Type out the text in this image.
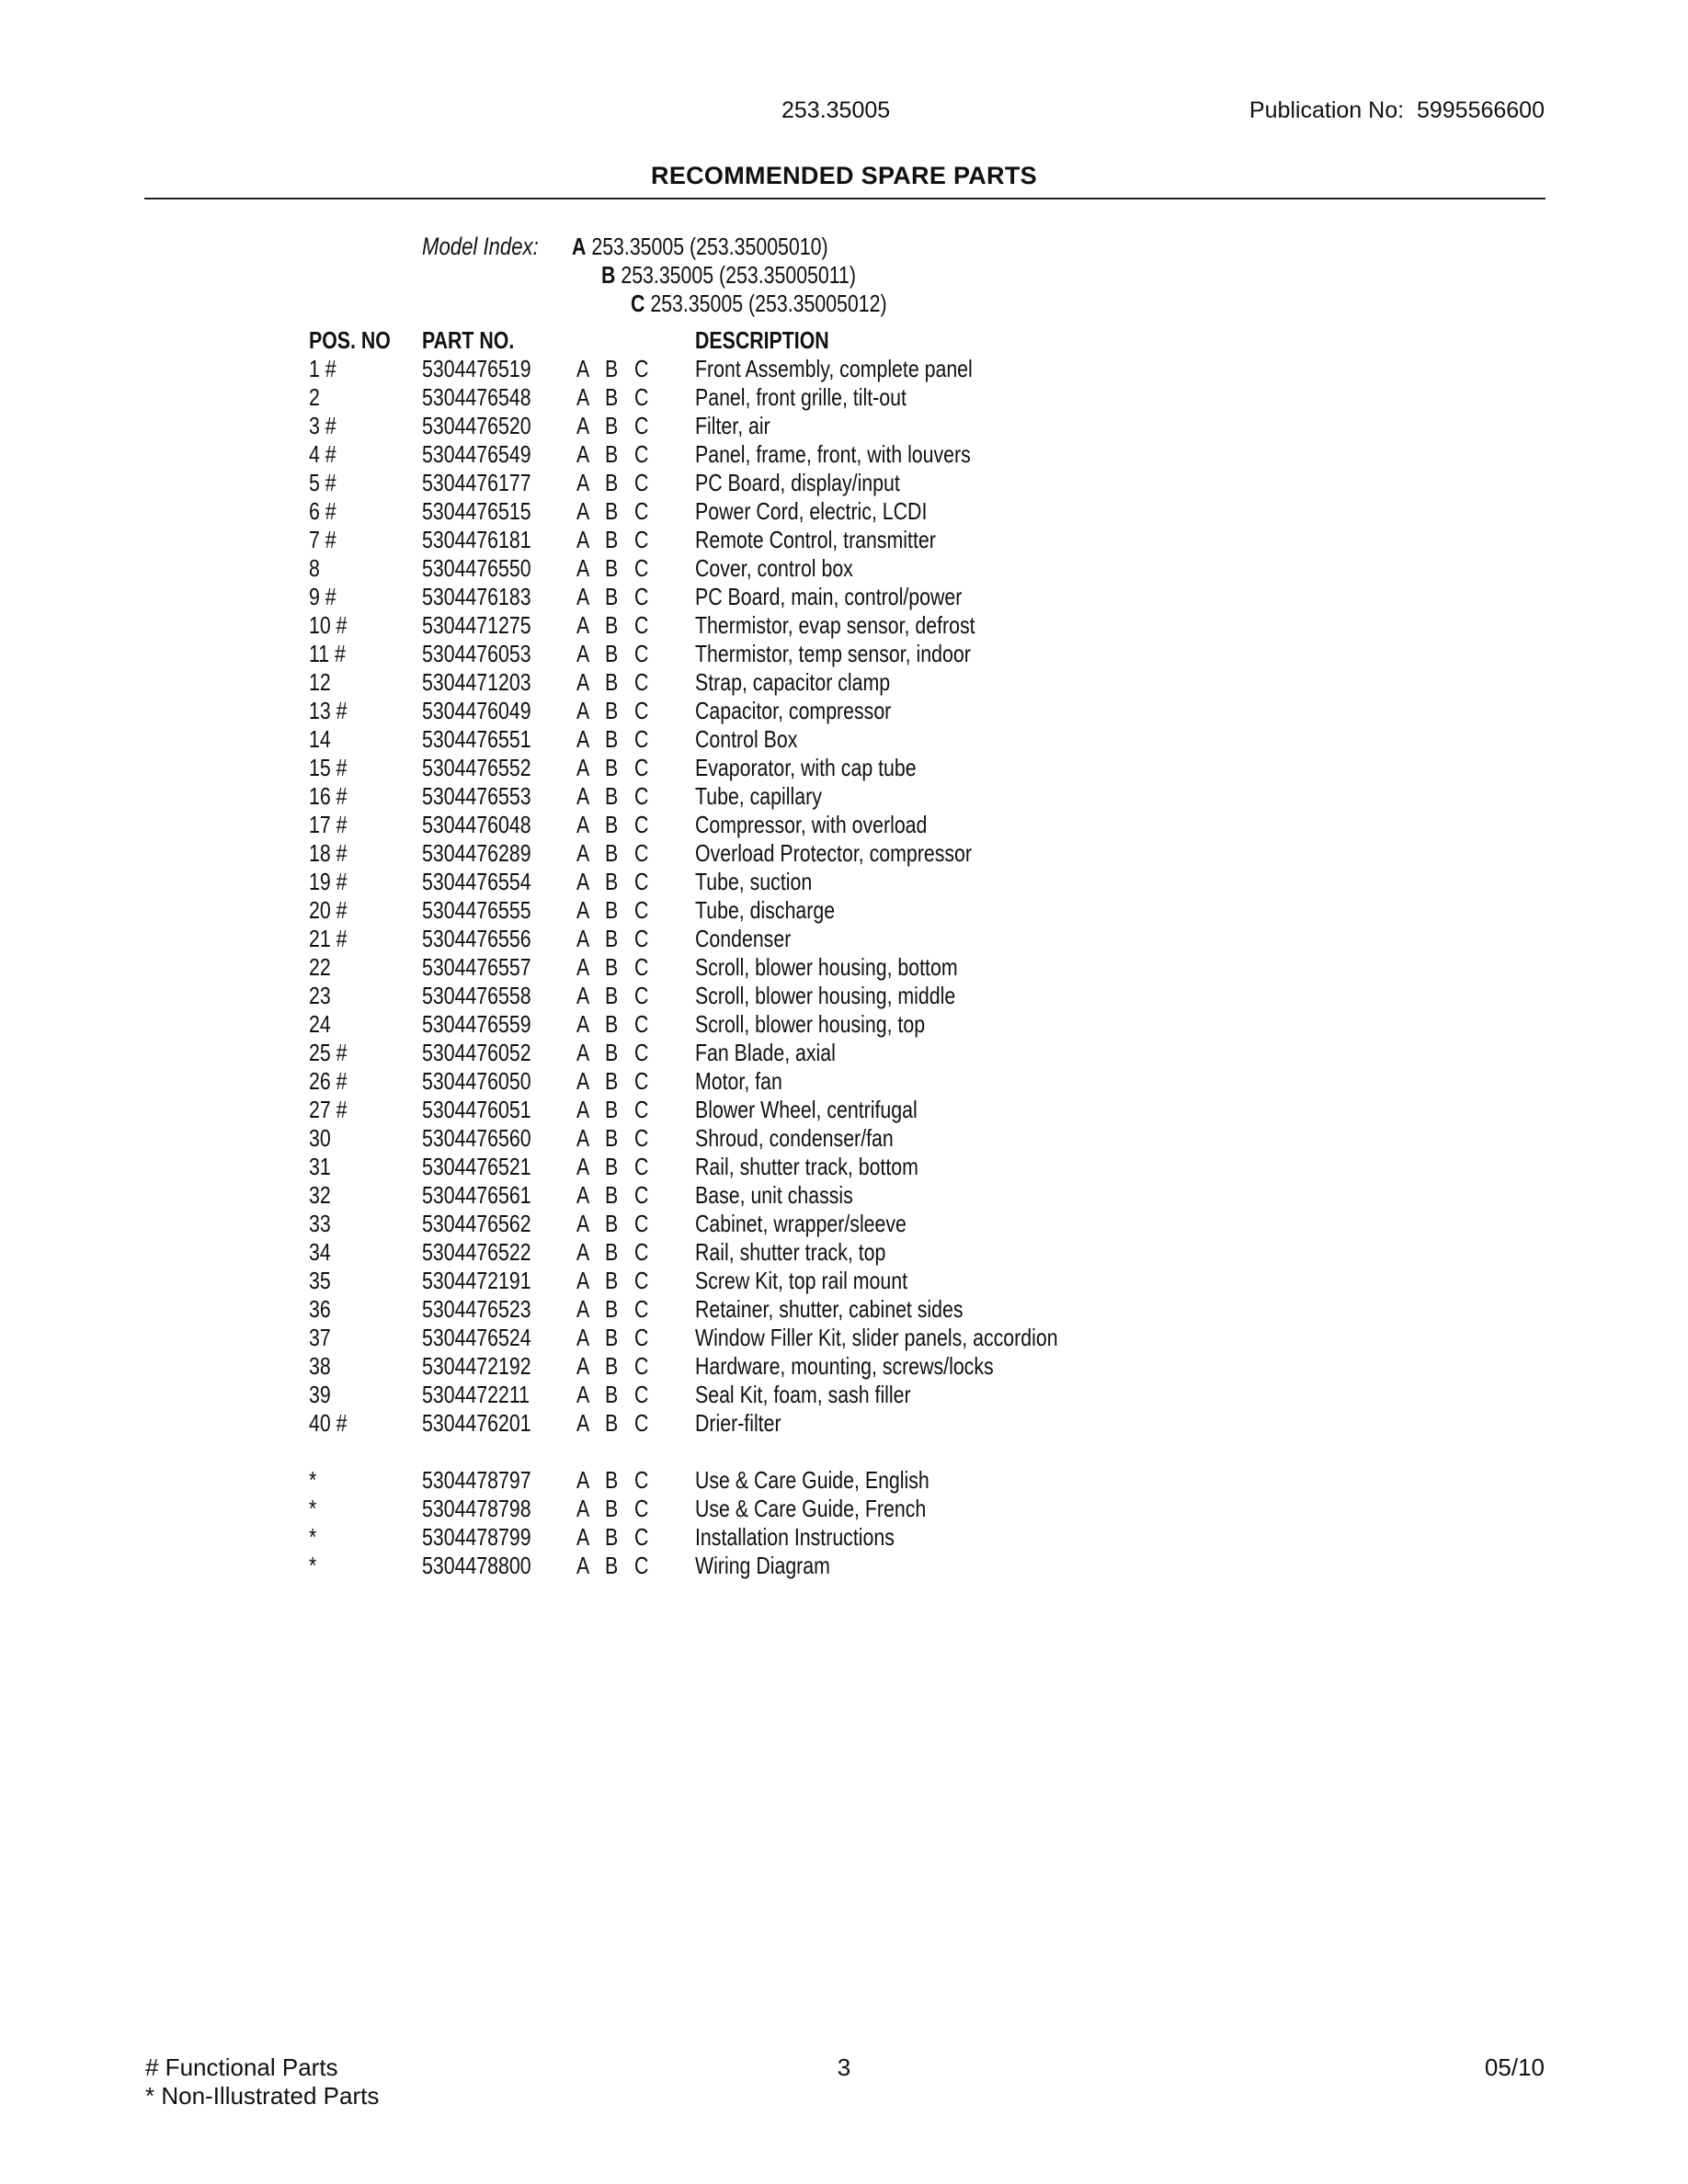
253.35005	Publication No: 5995566600
RECOMMENDED SPARE PARTS
Model Index: A 253.35005 (253.35005010)
B 253.35005 (253.35005011)
C 253.35005 (253.35005012)
POS. NO PART NO.	DESCRIPTION
1 #	5304476519 A B C Front Assembly, complete panel
2	5304476548 A B C Panel, front grille, tilt-out
3 #	5304476520 A B C Filter, air
4 #	5304476549 A B C Panel, frame, front, with louvers
5 #	5304476177 A B C PC Board, display/input
6 #	5304476515 A B C Power Cord, electric, LCDI
7 #	5304476181 A B C Remote Control, transmitter
8	5304476550 A B C Cover, control box
9 #	5304476183 A B C PC Board, main, control/power
10 #	5304471275 A B C Thermistor, evap sensor, defrost
11 #	5304476053 A B C Thermistor, temp sensor, indoor
12	5304471203 A B C Strap, capacitor clamp
13 #	5304476049 A B C Capacitor, compressor
14	5304476551 A B C Control Box
15 #	5304476552 A B C Evaporator, with cap tube
16 #	5304476553 A B C Tube, capillary
17 #	5304476048 A B C Compressor, with overload
18 #	5304476289 A B C Overload Protector, compressor
19 #	5304476554 A B C Tube, suction
20 #	5304476555 A B C Tube, discharge
21 #	5304476556 A B C Condenser
22	5304476557 A B C Scroll, blower housing, bottom
23	5304476558 A B C Scroll, blower housing, middle
24	5304476559 A B C Scroll, blower housing, top
25 #	5304476052 A B C Fan Blade, axial
26 #	5304476050 A B C Motor, fan
27 #	5304476051 A B C Blower Wheel, centrifugal
30	5304476560 A B C Shroud, condenser/fan
31	5304476521 A B C Rail, shutter track, bottom
32	5304476561 A B C Base, unit chassis
33	5304476562 A B C Cabinet, wrapper/sleeve
34	5304476522 A B C Rail, shutter track, top
35	5304472191 A B C Screw Kit, top rail mount
36	5304476523 A B C Retainer, shutter, cabinet sides
37	5304476524 A B C Window Filler Kit, slider panels, accordion
38	5304472192 A B C Hardware, mounting, screws/locks
39	5304472211 A B C Seal Kit, foam, sash filler
40 #	5304476201 A B C Drier-filter
*	5304478797 A B C Use & Care Guide, English
*	5304478798 A B C Use & Care Guide, French
*	5304478799 A B C Installation Instructions
*	5304478800 A B C Wiring Diagram
# Functional Parts
* Non-Illustrated Parts
3	05/10
